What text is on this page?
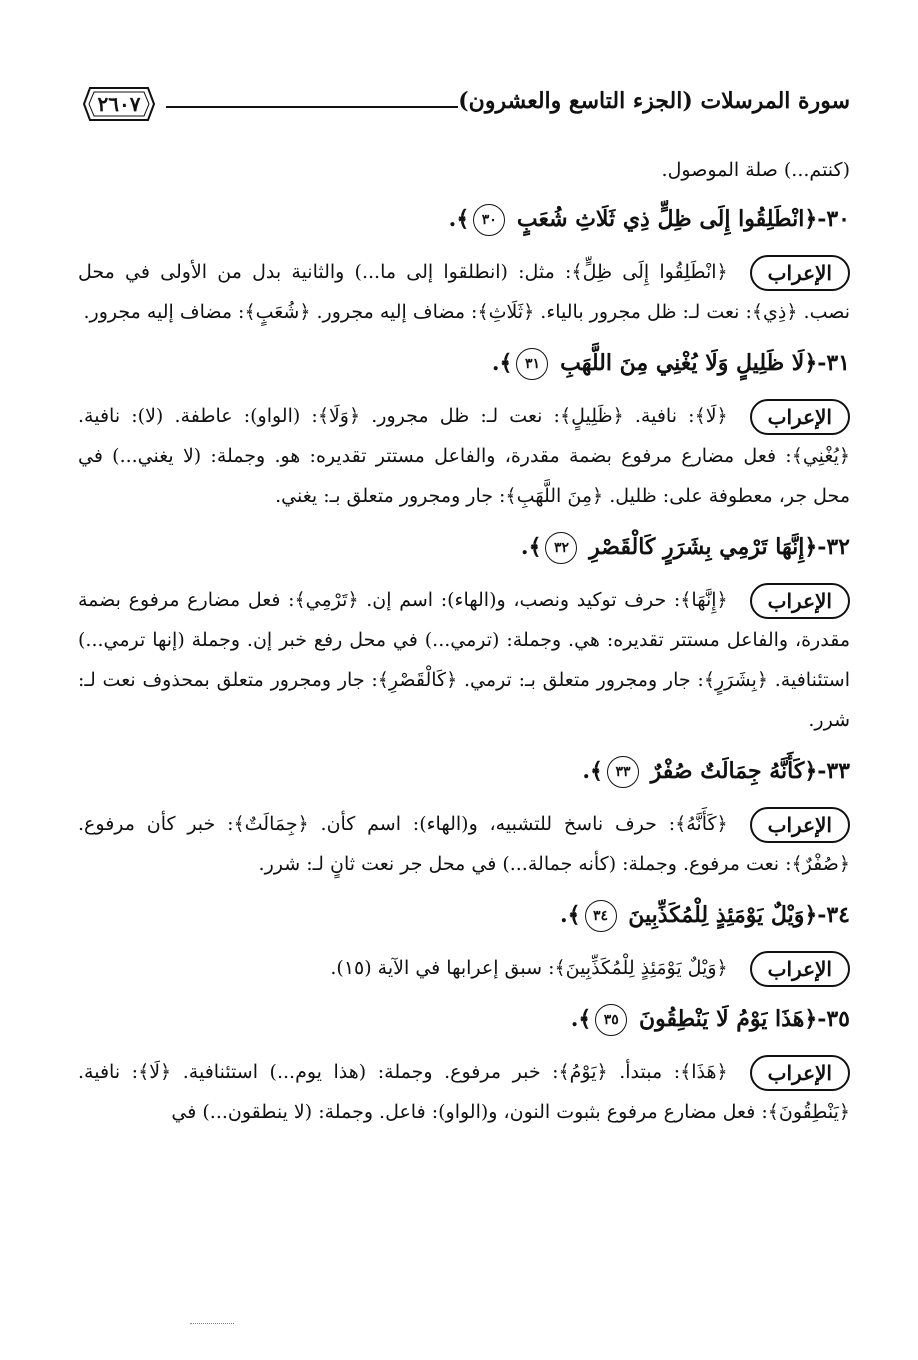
سورة المرسلات (الجزء التاسع والعشرون)
٢٦٠٧
(كنتم...) صلة الموصول.
٣٠-﴿انْطَلِقُوا إِلَى ظِلٍّ ذِي ثَلَاثِ شُعَبٍ ٣٠﴾.
الإعراب﴿انْطَلِقُوا إِلَى ظِلٍّ﴾: مثل: (انطلقوا إلى ما...) والثانية بدل من الأولى في محل نصب. ﴿ذِي﴾: نعت لـ: ظل مجرور بالياء. ﴿ثَلَاثِ﴾: مضاف إليه مجرور. ﴿شُعَبٍ﴾: مضاف إليه مجرور.
٣١-﴿لَا ظَلِيلٍ وَلَا يُغْنِي مِنَ اللَّهَبِ ٣١﴾.
الإعراب﴿لَا﴾: نافية. ﴿ظَلِيلٍ﴾: نعت لـ: ظل مجرور. ﴿وَلَا﴾: (الواو): عاطفة. (لا): نافية. ﴿يُغْنِي﴾: فعل مضارع مرفوع بضمة مقدرة، والفاعل مستتر تقديره: هو. وجملة: (لا يغني...) في محل جر، معطوفة على: ظليل. ﴿مِنَ اللَّهَبِ﴾: جار ومجرور متعلق بـ: يغني.
٣٢-﴿إِنَّهَا تَرْمِي بِشَرَرٍ كَالْقَصْرِ ٣٢﴾.
الإعراب﴿إِنَّهَا﴾: حرف توكيد ونصب، و(الهاء): اسم إن. ﴿تَرْمِي﴾: فعل مضارع مرفوع بضمة مقدرة، والفاعل مستتر تقديره: هي. وجملة: (ترمي...) في محل رفع خبر إن. وجملة (إنها ترمي...) استئنافية. ﴿بِشَرَرٍ﴾: جار ومجرور متعلق بـ: ترمي. ﴿كَالْقَصْرِ﴾: جار ومجرور متعلق بمحذوف نعت لـ: شرر.
٣٣-﴿كَأَنَّهُ جِمَالَتٌ صُفْرٌ ٣٣﴾.
الإعراب﴿كَأَنَّهُ﴾: حرف ناسخ للتشبيه، و(الهاء): اسم كأن. ﴿جِمَالَتٌ﴾: خبر كأن مرفوع. ﴿صُفْرٌ﴾: نعت مرفوع. وجملة: (كأنه جمالة...) في محل جر نعت ثانٍ لـ: شرر.
٣٤-﴿وَيْلٌ يَوْمَئِذٍ لِلْمُكَذِّبِينَ ٣٤﴾.
الإعراب﴿وَيْلٌ يَوْمَئِذٍ لِلْمُكَذِّبِينَ﴾: سبق إعرابها في الآية (١٥).
٣٥-﴿هَذَا يَوْمُ لَا يَنْطِقُونَ ٣٥﴾.
الإعراب﴿هَذَا﴾: مبتدأ. ﴿يَوْمُ﴾: خبر مرفوع. وجملة: (هذا يوم...) استئنافية. ﴿لَا﴾: نافية. ﴿يَنْطِقُونَ﴾: فعل مضارع مرفوع بثبوت النون، و(الواو): فاعل. وجملة: (لا ينطقون...) في
